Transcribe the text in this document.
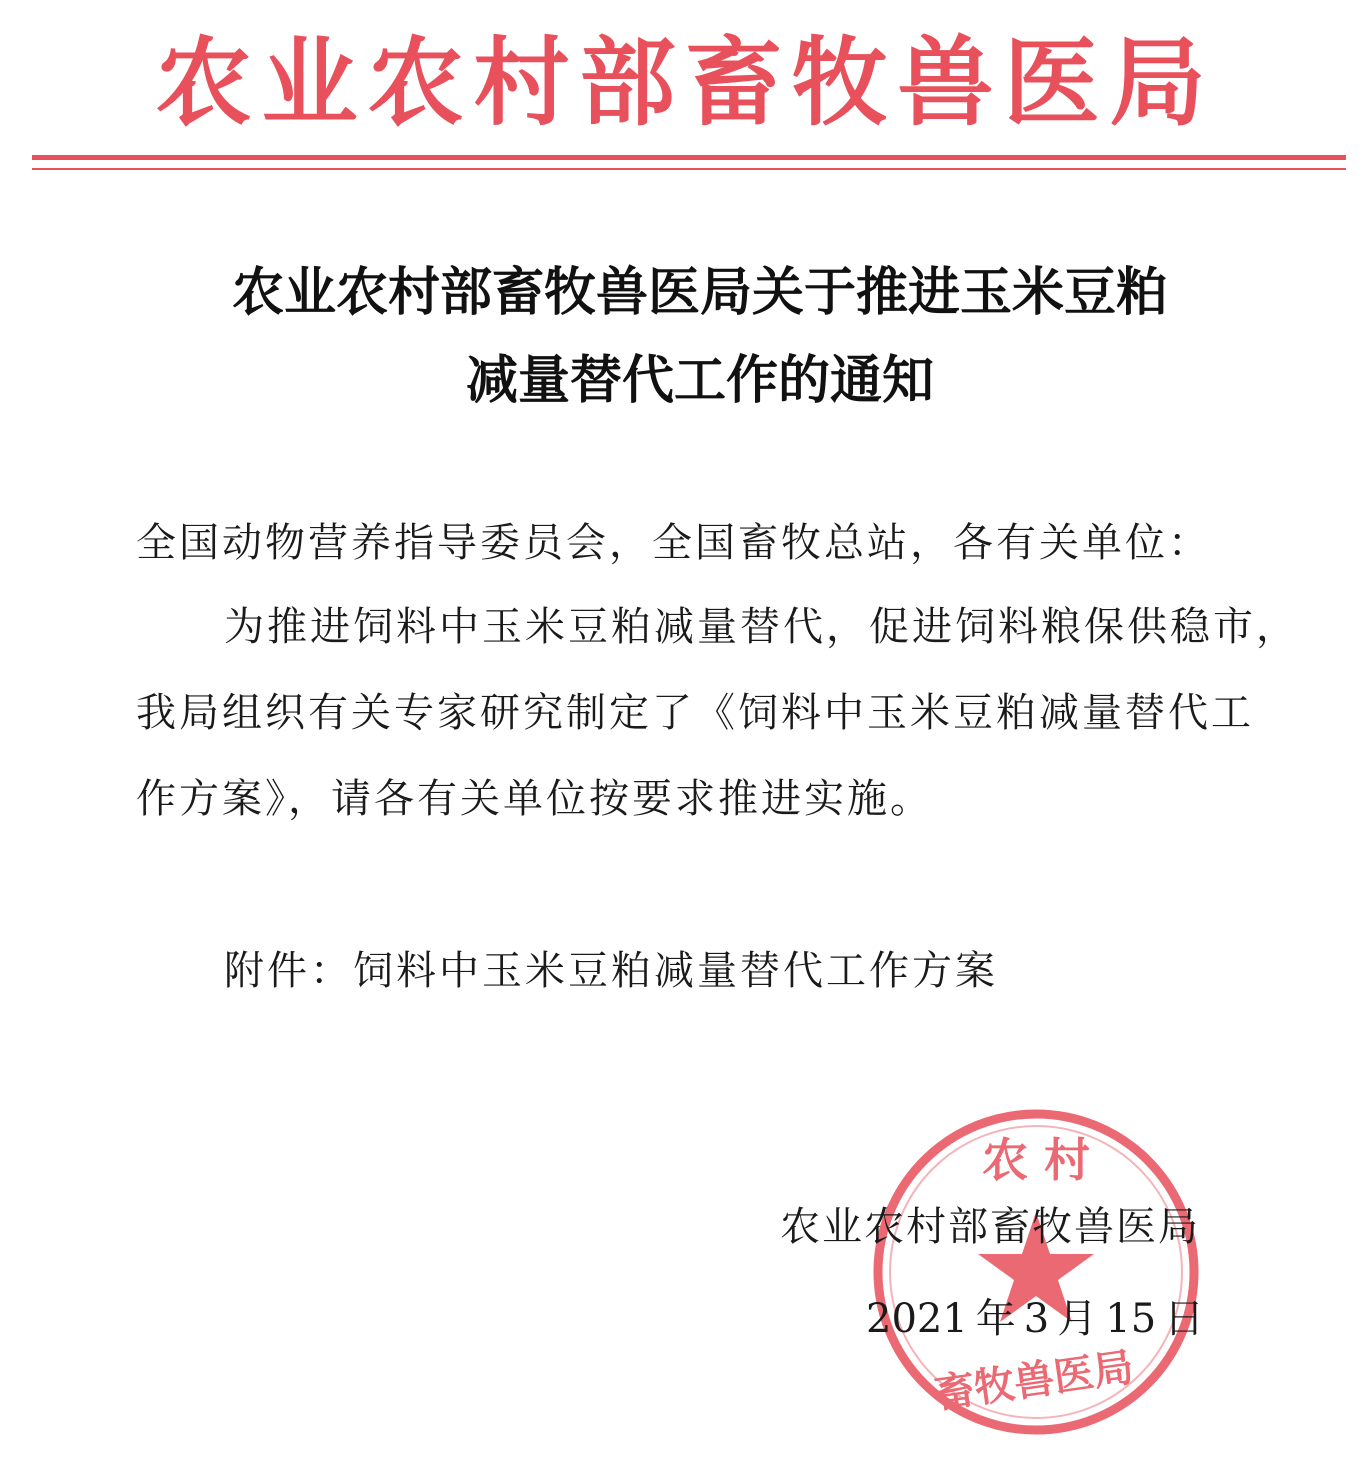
农业农村部畜牧兽医局
农业农村部畜牧兽医局关于推进玉米豆粕
减量替代工作的通知
全国动物营养指导委员会，全国畜牧总站，各有关单位：
为推进饲料中玉米豆粕减量替代，促进饲料粮保供稳市，
我局组织有关专家研究制定了《饲料中玉米豆粕减量替代工
作方案》，请各有关单位按要求推进实施。
附件：饲料中玉米豆粕减量替代工作方案
农 村
畜牧兽医局
农业农村部畜牧兽医局
2021 年 3 月 15 日
